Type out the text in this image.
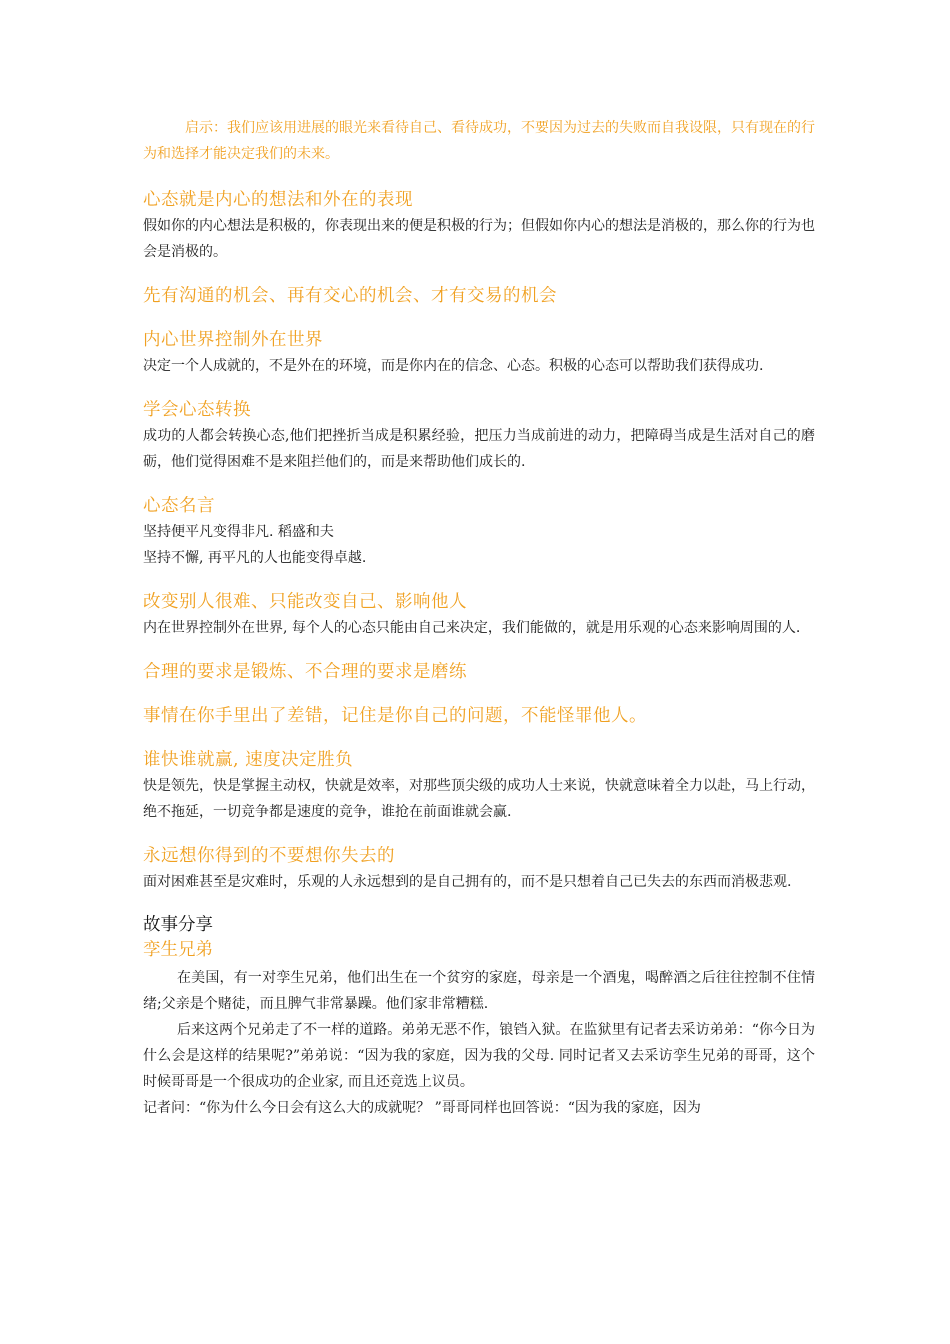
启示：我们应该用进展的眼光来看待自己、看待成功，不要因为过去的失败而自我设限，只有现在的行为和选择才能决定我们的未来。

心态就是内心的想法和外在的表现

假如你的内心想法是积极的，你表现出来的便是积极的行为；但假如你内心的想法是消极的，那么你的行为也会是消极的。

先有沟通的机会、再有交心的机会、才有交易的机会

内心世界控制外在世界

决定一个人成就的，不是外在的环境，而是你内在的信念、心态。积极的心态可以帮助我们获得成功.

学会心态转换

成功的人都会转换心态,他们把挫折当成是积累经验，把压力当成前进的动力，把障碍当成是生活对自己的磨砺，他们觉得困难不是来阻拦他们的，而是来帮助他们成长的.

心态名言

坚持便平凡变得非凡. 稻盛和夫

坚持不懈, 再平凡的人也能变得卓越.

改变别人很难、只能改变自己、影响他人

内在世界控制外在世界, 每个人的心态只能由自己来决定，我们能做的，就是用乐观的心态来影响周围的人.

合理的要求是锻炼、不合理的要求是磨练

事情在你手里出了差错，记住是你自己的问题，不能怪罪他人。

谁快谁就赢, 速度决定胜负

快是领先，快是掌握主动权，快就是效率，对那些顶尖级的成功人士来说，快就意味着全力以赴，马上行动，绝不拖延，一切竞争都是速度的竞争，谁抢在前面谁就会赢.

永远想你得到的不要想你失去的

面对困难甚至是灾难时，乐观的人永远想到的是自己拥有的，而不是只想着自己已失去的东西而消极悲观.

故事分享

孪生兄弟

在美国，有一对孪生兄弟，他们出生在一个贫穷的家庭，母亲是一个酒鬼，喝醉酒之后往往控制不住情绪;父亲是个赌徒，而且脾气非常暴躁。他们家非常糟糕.

后来这两个兄弟走了不一样的道路。弟弟无恶不作，锒铛入狱。在监狱里有记者去采访弟弟：“你今日为什么会是这样的结果呢?”弟弟说：“因为我的家庭，因为我的父母. 同时记者又去采访孪生兄弟的哥哥，这个时候哥哥是一个很成功的企业家, 而且还竞选上议员。

记者问：“你为什么今日会有这么大的成就呢？ ”哥哥同样也回答说：“因为我的家庭，因为
